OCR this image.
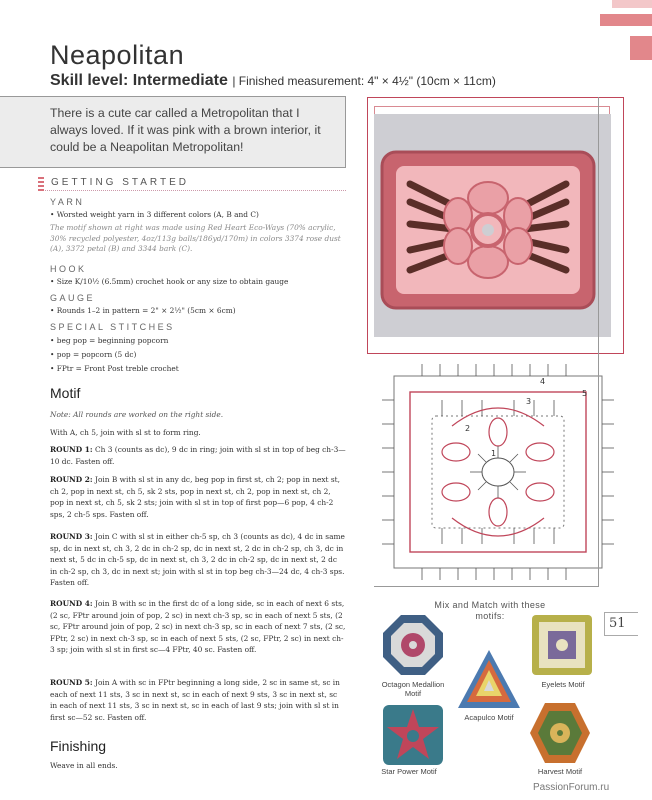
Neapolitan
Skill level: Intermediate | Finished measurement: 4" × 4½" (10cm × 11cm)

There is a cute car called a Metropolitan that I always loved. If it was pink with a brown interior, it could be a Neapolitan Metropolitan!

GETTING STARTED
YARN
• Worsted weight yarn in 3 different colors (A, B and C)
The motif shown at right was made using Red Heart Eco-Ways (70% acrylic, 30% recycled polyester, 4oz/113g balls/186yd/170m) in colors 3374 rose dust (A), 3372 petal (B) and 3344 bark (C).
HOOK
• Size K/10½ (6.5mm) crochet hook or any size to obtain gauge
GAUGE
• Rounds 1–2 in pattern = 2" × 2½" (5cm × 6cm)
SPECIAL STITCHES
• beg pop = beginning popcorn
• pop = popcorn (5 dc)
• FPtr = Front Post treble crochet
Motif
Note: All rounds are worked on the right side.
With A, ch 5, join with sl st to form ring.
ROUND 1: Ch 3 (counts as dc), 9 dc in ring; join with sl st in top of beg ch-3—10 dc. Fasten off.
ROUND 2: Join B with sl st in any dc, beg pop in first st, ch 2; pop in next st, ch 2, pop in next st, ch 5, sk 2 sts, pop in next st, ch 2, pop in next st, ch 2, pop in next st, ch 5, sk 2 sts; join with sl st in top of first pop—6 pop, 4 ch-2 sps, 2 ch-5 sps. Fasten off.
ROUND 3: Join C with sl st in either ch-5 sp, ch 3 (counts as dc), 4 dc in same sp, dc in next st, ch 3, 2 dc in ch-2 sp, dc in next st, 2 dc in ch-2 sp, ch 3, dc in next st, 5 dc in ch-5 sp, dc in next st, ch 3, 2 dc in ch-2 sp, dc in next st, 2 dc in ch-2 sp, ch 3, dc in next st; join with sl st in top beg ch-3—24 dc, 4 ch-3 sps. Fasten off.
ROUND 4: Join B with sc in the first dc of a long side, sc in each of next 6 sts, (2 sc, FPtr around join of pop, 2 sc) in next ch-3 sp, sc in each of next 5 sts, (2 sc, FPtr around join of pop, 2 sc) in next ch-3 sp, sc in each of next 7 sts, (2 sc, FPtr, 2 sc) in next ch-3 sp, sc in each of next 5 sts, (2 sc, FPtr, 2 sc) in next ch-3 sp; join with sl st in first sc—4 FPtr, 40 sc. Fasten off.
ROUND 5: Join A with sc in FPtr beginning a long side, 2 sc in same st, sc in each of next 11 sts, 3 sc in next st, sc in each of next 9 sts, 3 sc in next st, sc in each of next 11 sts, 3 sc in next st, sc in each of last 9 sts; join with sl st in first sc—52 sc. Fasten off.
Finishing
Weave in all ends.
1
2
3
4
5
51
Mix and Match with these motifs:
Octagon Medallion Motif
Eyelets Motif
Acapulco Motif
Star Power Motif	Harvest Motif
PassionForum.ru
